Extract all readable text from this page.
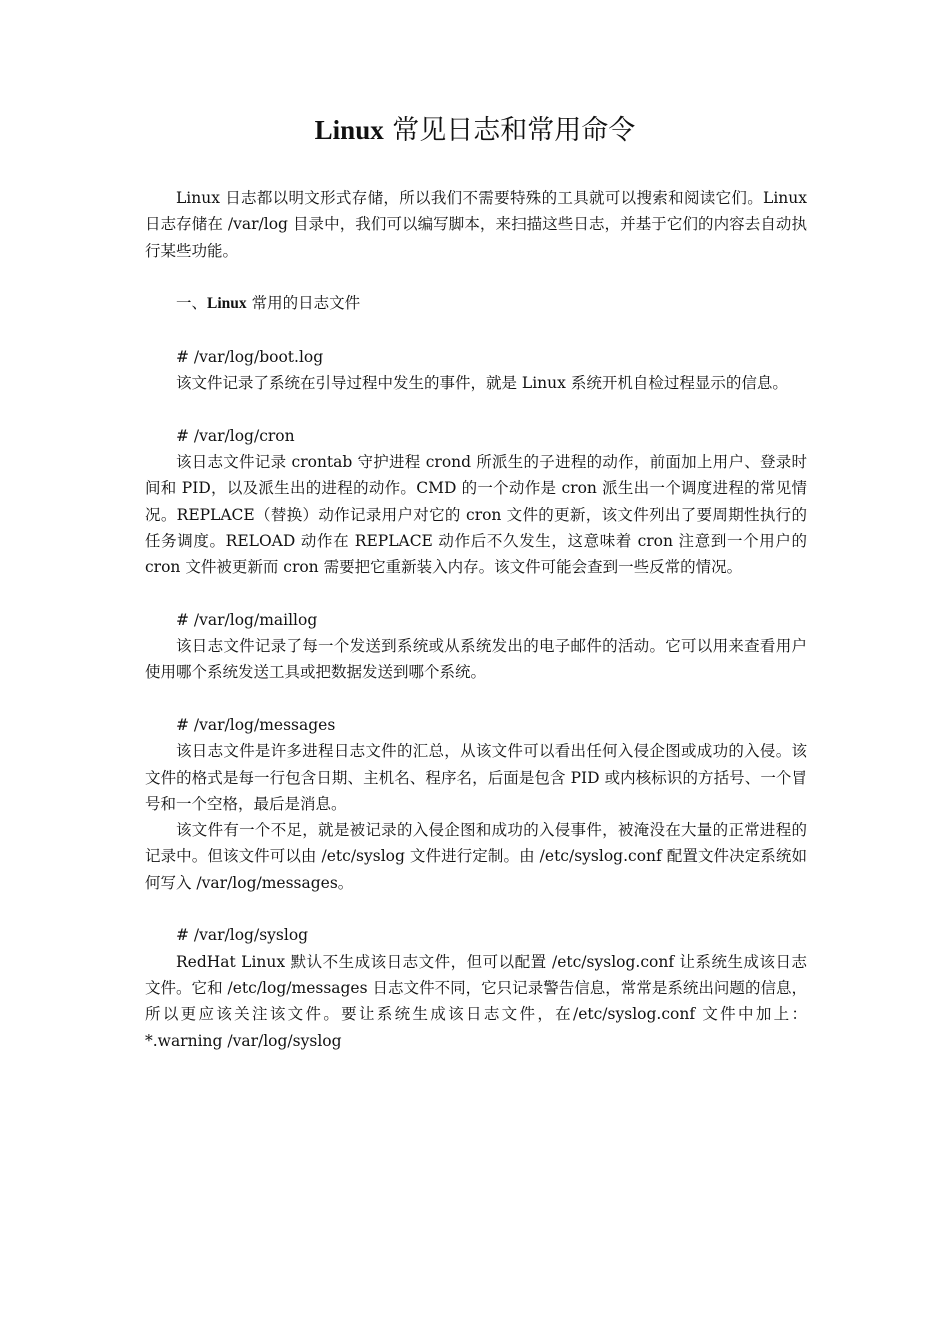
Linux 常见日志和常用命令

Linux 日志都以明文形式存储，所以我们不需要特殊的工具就可以搜索和阅读它们。Linux 日志存储在 /var/log 目录中，我们可以编写脚本，来扫描这些日志，并基于它们的内容去自动执行某些功能。

一、Linux 常用的日志文件

# /var/log/boot.log

该文件记录了系统在引导过程中发生的事件，就是 Linux 系统开机自检过程显示的信息。

# /var/log/cron

该日志文件记录 crontab 守护进程 crond 所派生的子进程的动作，前面加上用户、登录时间和 PID，以及派生出的进程的动作。CMD 的一个动作是 cron 派生出一个调度进程的常见情况。REPLACE（替换）动作记录用户对它的 cron 文件的更新，该文件列出了要周期性执行的任务调度。RELOAD 动作在 REPLACE 动作后不久发生，这意味着 cron 注意到一个用户的 cron 文件被更新而 cron 需要把它重新装入内存。该文件可能会查到一些反常的情况。

# /var/log/maillog

该日志文件记录了每一个发送到系统或从系统发出的电子邮件的活动。它可以用来查看用户使用哪个系统发送工具或把数据发送到哪个系统。

# /var/log/messages

该日志文件是许多进程日志文件的汇总，从该文件可以看出任何入侵企图或成功的入侵。该文件的格式是每一行包含日期、主机名、程序名，后面是包含 PID 或内核标识的方括号、一个冒号和一个空格，最后是消息。

该文件有一个不足，就是被记录的入侵企图和成功的入侵事件，被淹没在大量的正常进程的记录中。但该文件可以由 /etc/syslog 文件进行定制。由 /etc/syslog.conf 配置文件决定系统如何写入 /var/log/messages。

# /var/log/syslog

RedHat Linux 默认不生成该日志文件，但可以配置 /etc/syslog.conf 让系统生成该日志文件。它和 /etc/log/messages 日志文件不同，它只记录警告信息，常常是系统出问题的信息，所以更应该关注该文件。要让系统生成该日志文件，在/etc/syslog.conf 文件中加上：*.warning /var/log/syslog
